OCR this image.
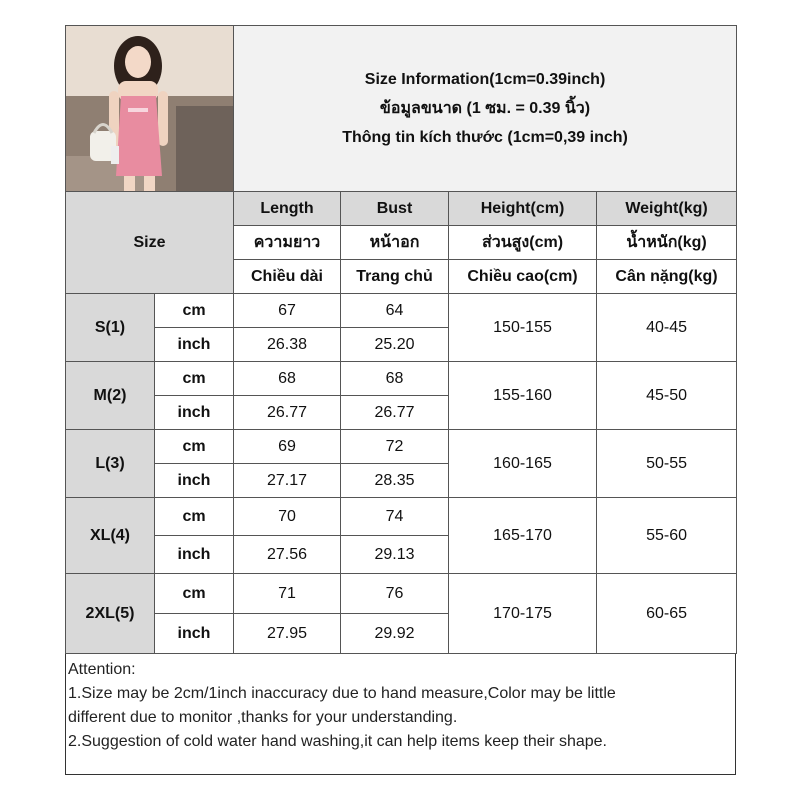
Size Information(1cm=0.39inch)
ข้อมูลขนาด (1 ซม. = 0.39 นิ้ว)
Thông tin kích thước (1cm=0,39 inch)			

Size		Length	Bust	Height(cm)	Weight(kg)
		ความยาว	หน้าอก	ส่วนสูง(cm)	น้ำหนัก(kg)
		Chiều dài	Trang chủ	Chiều cao(cm)	Cân nặng(kg)
S(1)	cm	67	64	150-155	40-45
	inch	26.38	25.20		
M(2)	cm	68	68	155-160	45-50
	inch	26.77	26.77		
L(3)	cm	69	72	160-165	50-55
	inch	27.17	28.35		
XL(4)	cm	70	74	165-170	55-60
	inch	27.56	29.13		
2XL(5)	cm	71	76	170-175	60-65
	inch	27.95	29.92		
Attention:
1.Size may be 2cm/1inch inaccuracy due to hand measure,Color may be little
different due to monitor ,thanks for your understanding.
2.Suggestion of cold water hand washing,it can help items keep their shape.
